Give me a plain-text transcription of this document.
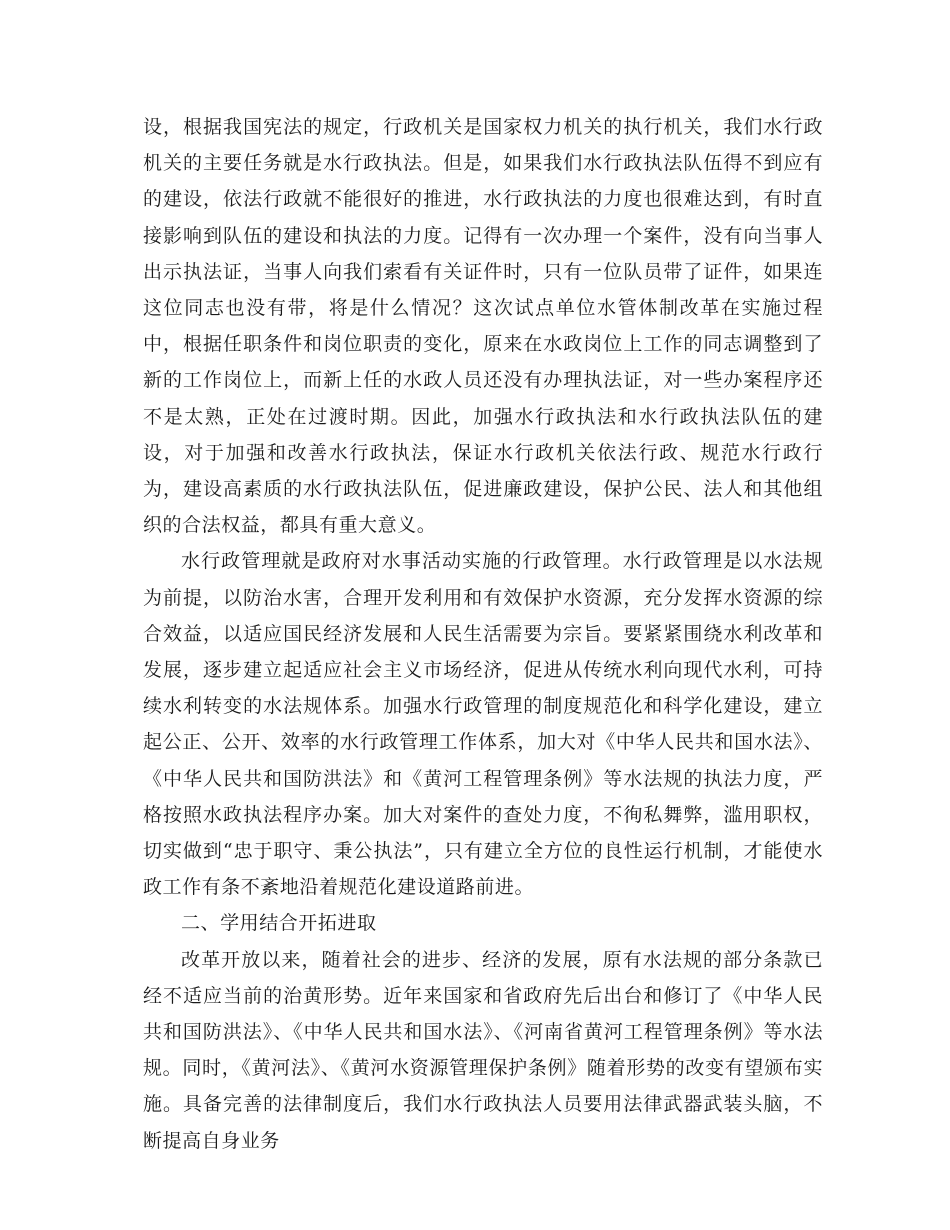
设，根据我国宪法的规定，行政机关是国家权力机关的执行机关，我们水行政机关的主要任务就是水行政执法。但是，如果我们水行政执法队伍得不到应有的建设，依法行政就不能很好的推进，水行政执法的力度也很难达到，有时直接影响到队伍的建设和执法的力度。记得有一次办理一个案件，没有向当事人出示执法证，当事人向我们索看有关证件时，只有一位队员带了证件，如果连这位同志也没有带，将是什么情况？这次试点单位水管体制改革在实施过程中，根据任职条件和岗位职责的变化，原来在水政岗位上工作的同志调整到了新的工作岗位上，而新上任的水政人员还没有办理执法证，对一些办案程序还不是太熟，正处在过渡时期。因此，加强水行政执法和水行政执法队伍的建设，对于加强和改善水行政执法，保证水行政机关依法行政、规范水行政行为，建设高素质的水行政执法队伍，促进廉政建设，保护公民、法人和其他组织的合法权益，都具有重大意义。

水行政管理就是政府对水事活动实施的行政管理。水行政管理是以水法规为前提，以防治水害，合理开发利用和有效保护水资源，充分发挥水资源的综合效益，以适应国民经济发展和人民生活需要为宗旨。要紧紧围绕水利改革和发展，逐步建立起适应社会主义市场经济，促进从传统水利向现代水利，可持续水利转变的水法规体系。加强水行政管理的制度规范化和科学化建设，建立起公正、公开、效率的水行政管理工作体系，加大对《中华人民共和国水法》、《中华人民共和国防洪法》和《黄河工程管理条例》等水法规的执法力度，严格按照水政执法程序办案。加大对案件的查处力度，不徇私舞弊，滥用职权，切实做到“忠于职守、秉公执法”，只有建立全方位的良性运行机制，才能使水政工作有条不紊地沿着规范化建设道路前进。

二、学用结合开拓进取

改革开放以来，随着社会的进步、经济的发展，原有水法规的部分条款已经不适应当前的治黄形势。近年来国家和省政府先后出台和修订了《中华人民共和国防洪法》、《中华人民共和国水法》、《河南省黄河工程管理条例》等水法规。同时，《黄河法》、《黄河水资源管理保护条例》随着形势的改变有望颁布实施。具备完善的法律制度后，我们水行政执法人员要用法律武器武装头脑，不断提高自身业务
